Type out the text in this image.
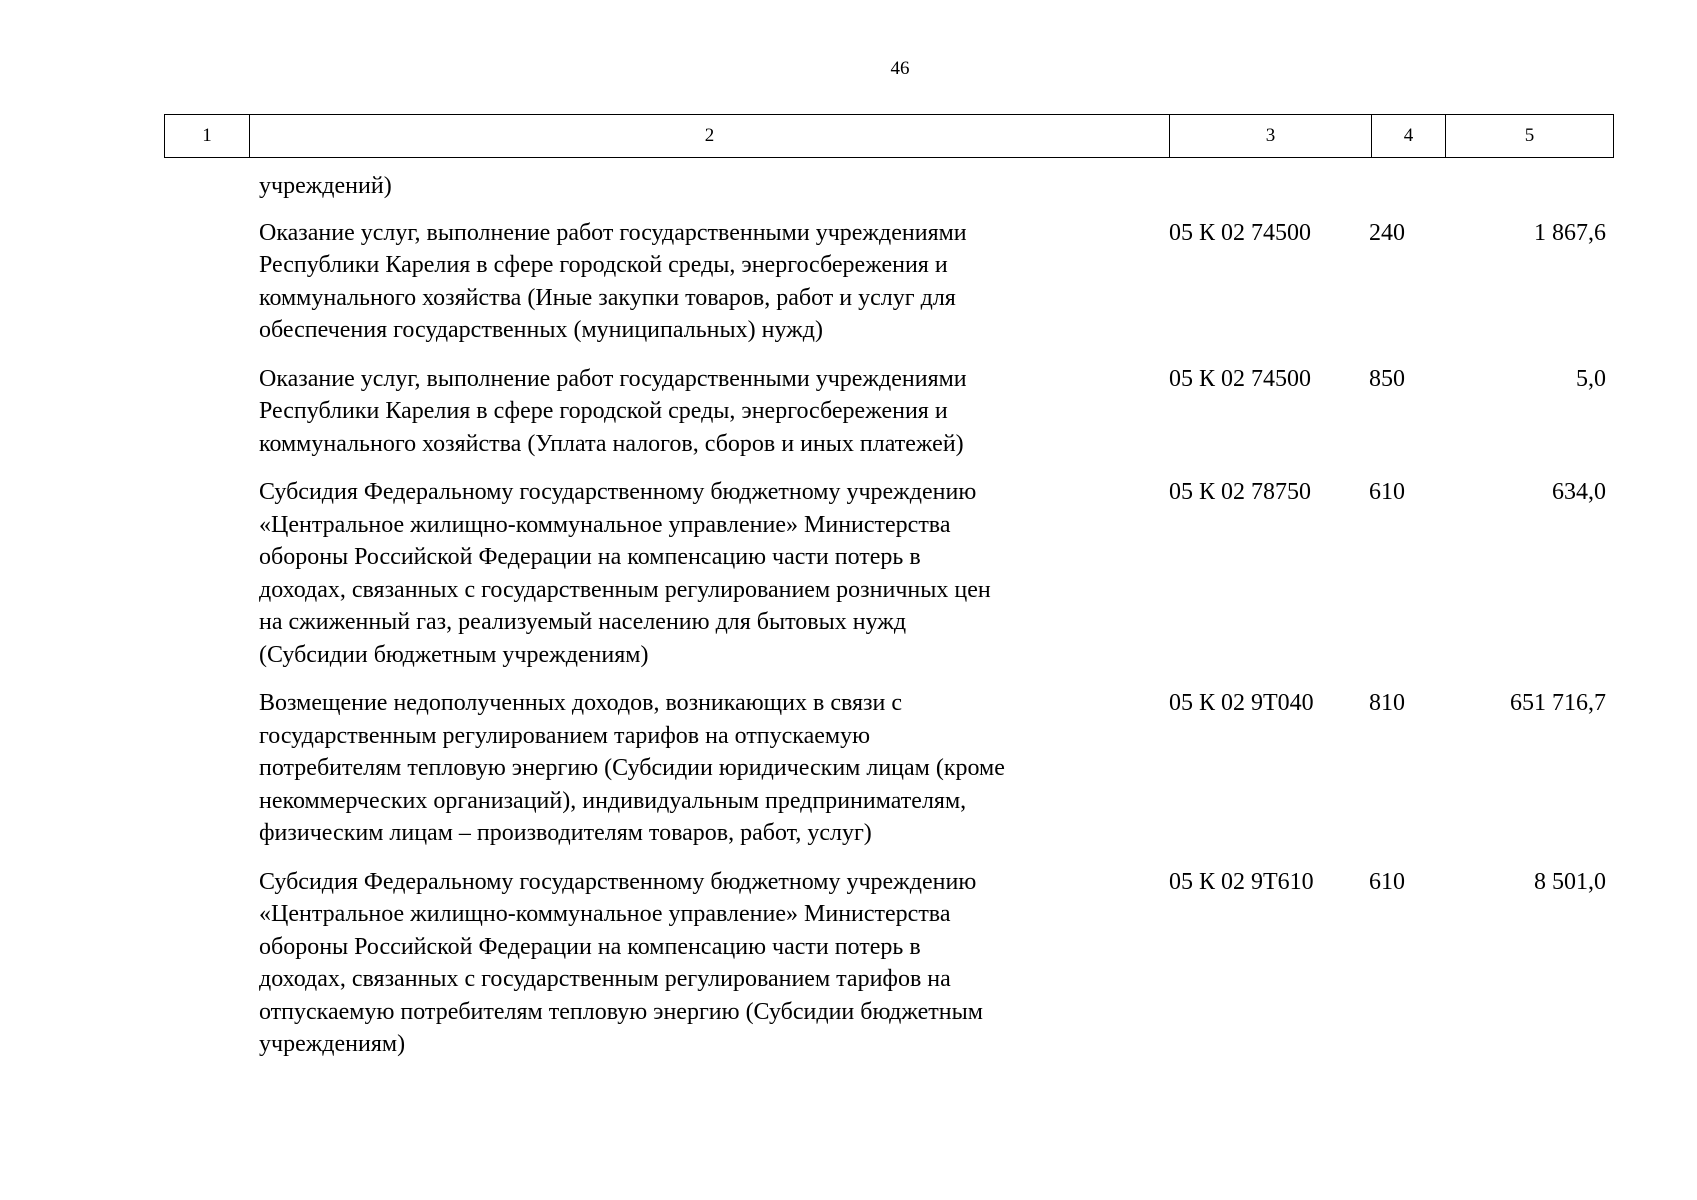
46
1	2	3	4	5
учреждений)
Оказание услуг, выполнение работ государственными учреждениями
Республики Карелия в сфере городской среды, энергосбережения и
коммунального хозяйства (Иные закупки товаров, работ и услуг для
обеспечения государственных (муниципальных) нужд)
05 К 02 74500	240	1 867,6
Оказание услуг, выполнение работ государственными учреждениями
Республики Карелия в сфере городской среды, энергосбережения и
коммунального хозяйства (Уплата налогов, сборов и иных платежей)
05 К 02 74500	850	5,0
Субсидия Федеральному государственному бюджетному учреждению
«Центральное жилищно-коммунальное управление» Министерства
обороны Российской Федерации на компенсацию части потерь в
доходах, связанных с государственным регулированием розничных цен
на сжиженный газ, реализуемый населению для бытовых нужд
(Субсидии бюджетным учреждениям)
05 К 02 78750	610	634,0
Возмещение недополученных доходов, возникающих в связи с
государственным регулированием тарифов на отпускаемую
потребителям тепловую энергию (Субсидии юридическим лицам (кроме
некоммерческих организаций), индивидуальным предпринимателям,
физическим лицам – производителям товаров, работ, услуг)
05 К 02 9Т040	810	651 716,7
Субсидия Федеральному государственному бюджетному учреждению
«Центральное жилищно-коммунальное управление» Министерства
обороны Российской Федерации на компенсацию части потерь в
доходах, связанных с государственным регулированием тарифов на
отпускаемую потребителям тепловую энергию (Субсидии бюджетным
учреждениям)
05 К 02 9Т610	610	8 501,0
